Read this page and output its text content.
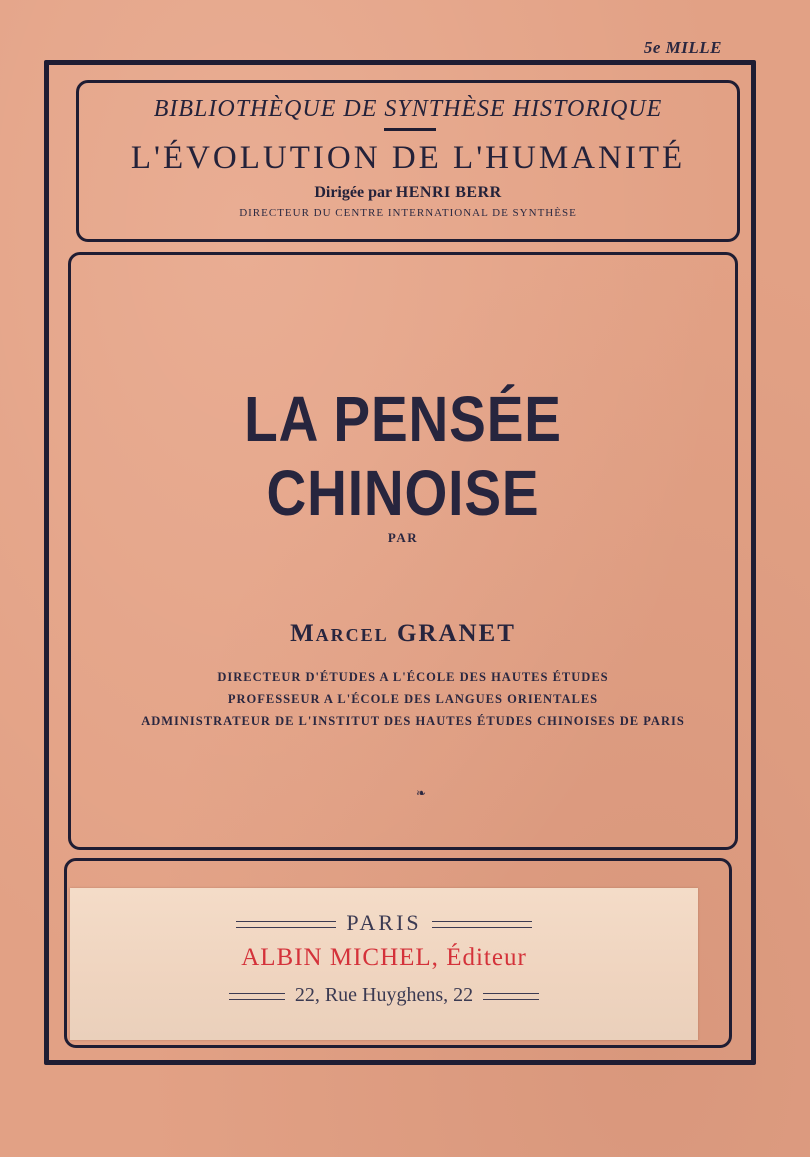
5e MILLE
BIBLIOTHÈQUE DE SYNTHÈSE HISTORIQUE
L'ÉVOLUTION DE L'HUMANITÉ
Dirigée par HENRI BERR
DIRECTEUR DU CENTRE INTERNATIONAL DE SYNTHÈSE
LA PENSÉE CHINOISE
PAR
Marcel GRANET
DIRECTEUR D'ÉTUDES A L'ÉCOLE DES HAUTES ÉTUDES
PROFESSEUR A L'ÉCOLE DES LANGUES ORIENTALES
ADMINISTRATEUR DE L'INSTITUT DES HAUTES ÉTUDES CHINOISES DE PARIS
❧
PARIS
ALBIN MICHEL, Éditeur
22, Rue Huyghens, 22
